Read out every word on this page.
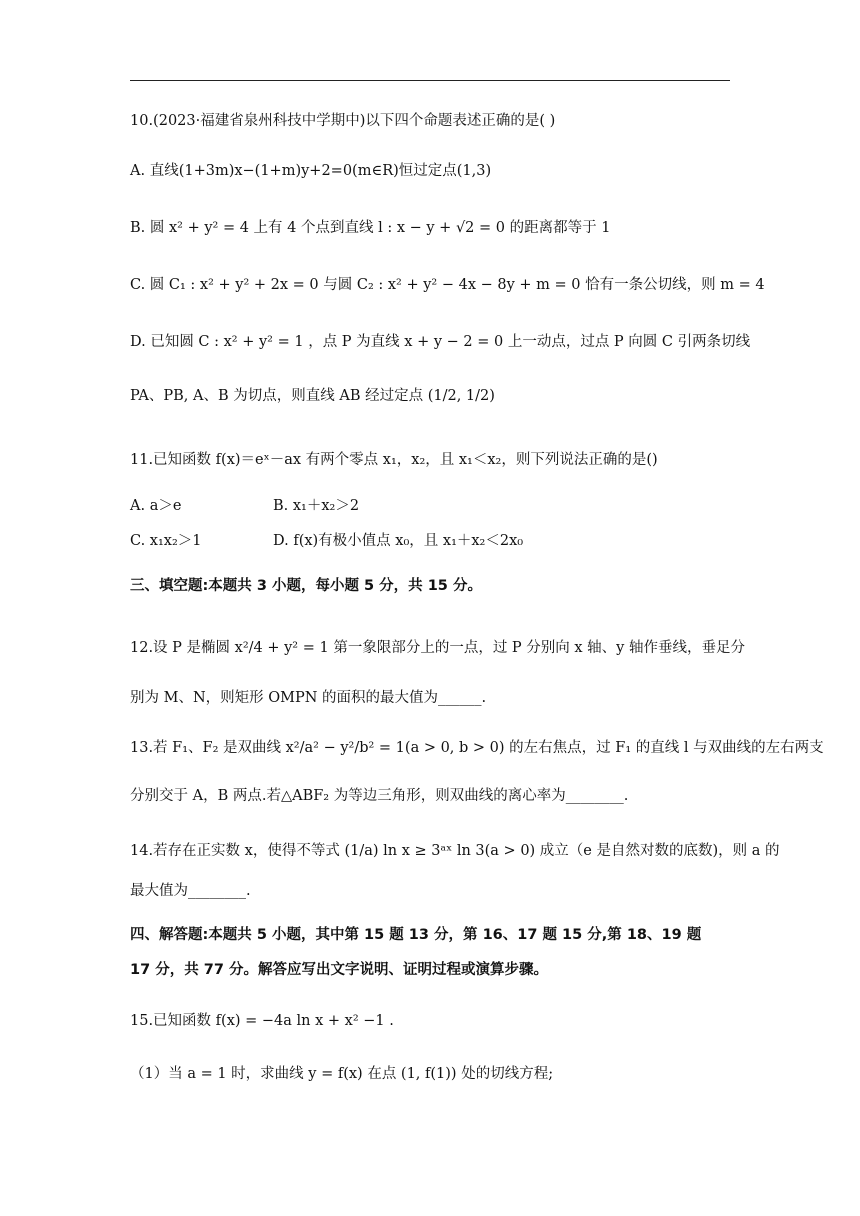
10.(2023·福建省泉州科技中学期中)以下四个命题表述正确的是( )
A. 直线(1+3m)x−(1+m)y+2=0(m∈R)恒过定点(1,3)
B. 圆 x² + y² = 4 上有 4 个点到直线 l : x − y + √2 = 0 的距离都等于 1
C. 圆 C₁ : x² + y² + 2x = 0 与圆 C₂ : x² + y² − 4x − 8y + m = 0 恰有一条公切线，则 m = 4
D. 已知圆 C : x² + y² = 1 ，点 P 为直线 x + y − 2 = 0 上一动点，过点 P 向圆 C 引两条切线
PA、PB, A、B 为切点，则直线 AB 经过定点 (1/2, 1/2)
11.已知函数 f(x)＝eˣ－ax 有两个零点 x₁，x₂，且 x₁＜x₂，则下列说法正确的是()
A. a＞e	B. x₁＋x₂＞2
C. x₁x₂＞1	D. f(x)有极小值点 x₀，且 x₁＋x₂＜2x₀
三、填空题:本题共 3 小题，每小题 5 分，共 15 分。
12.设 P 是椭圆 x²/4 + y² = 1 第一象限部分上的一点，过 P 分别向 x 轴、y 轴作垂线，垂足分
别为 M、N，则矩形 OMPN 的面积的最大值为______.
13.若 F₁、F₂ 是双曲线 x²/a² − y²/b² = 1(a > 0, b > 0) 的左右焦点，过 F₁ 的直线 l 与双曲线的左右两支
分别交于 A，B 两点.若△ABF₂ 为等边三角形，则双曲线的离心率为________.
14.若存在正实数 x，使得不等式 (1/a) ln x ≥ 3ᵃˣ ln 3(a > 0) 成立（e 是自然对数的底数)，则 a 的
最大值为________.
四、解答题:本题共 5 小题，其中第 15 题 13 分，第 16、17 题 15 分,第 18、19 题
17 分，共 77 分。解答应写出文字说明、证明过程或演算步骤。
15.已知函数 f(x) = −4a ln x + x² −1 .
（1）当 a = 1 时，求曲线 y = f(x) 在点 (1, f(1)) 处的切线方程;
